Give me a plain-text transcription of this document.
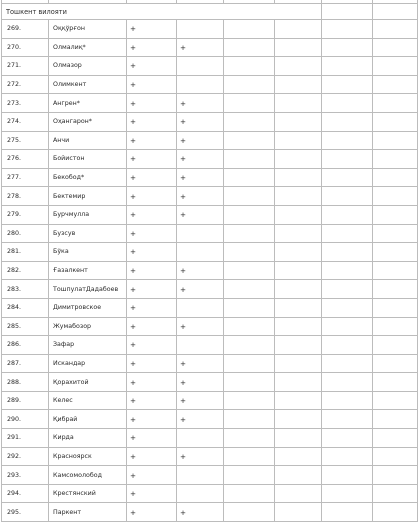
Тошкент вилояти							
269.	Оққўрғон	+					
270.	Олмалиқ*	+	+				
271.	Олмазор	+					
272.	Олимкент	+					
273.	Ангрен*	+	+				
274.	Оҳангарон*	+	+				
275.	Анчи	+	+				
276.	Бойистон	+	+				
277.	Бекобод*	+	+				
278.	Бектемир	+	+				
279.	Бурчмулла	+	+				
280.	Бузсув	+					
281.	Бўка	+					
282.	Ғазалкент	+	+				
283.	ТошпулатДадабоев	+	+				
284.	Димитровское	+					
285.	Жумабозор	+	+				
286.	Зафар	+					
287.	Искандар	+	+				
288.	Қорахитой	+	+				
289.	Келес	+	+				
290.	Қибрай	+	+				
291.	Кирда	+					
292.	Красноярск	+	+				
293.	Камсомолобод	+					
294.	Крестянский	+					
295.	Паркент	+	+				
